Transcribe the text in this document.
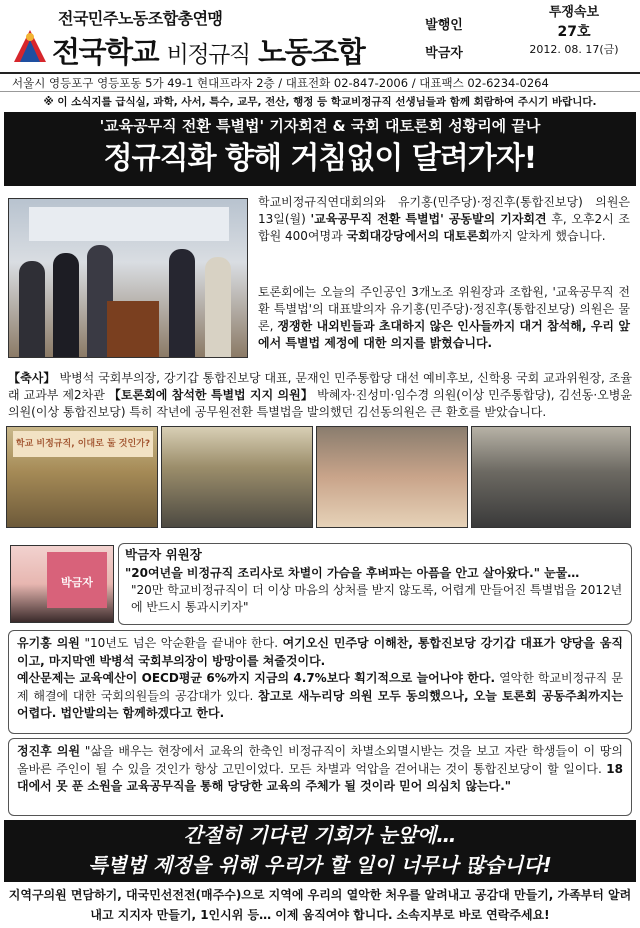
전국민주노동조합총연맹
전국학교 비정규직 노동조합
발행인
박금자
투쟁속보
27호
2012. 08. 17(금)
서울시 영등포구 영등포동 5가 49-1 현대프라자 2층 / 대표전화 02-847-2006 / 대표팩스 02-6234-0264
※ 이 소식지를 급식실, 과학, 사서, 특수, 교무, 전산, 행정 등 학교비정규직 선생님들과 함께 회람하여 주시기 바랍니다.
'교육공무직 전환 특별법' 기자회견 & 국회 대토론회 성황리에 끝나
정규직화 향해 거침없이 달려가자!
학교비정규직연대회의와 유기홍(민주당)·정진후(통합진보당) 의원은 13일(월) '교육공무직 전환 특별법' 공동발의 기자회견 후, 오후2시 조합원 400여명과 국회대강당에서의 대토론회까지 알차게 했습니다.
토론회에는 오늘의 주인공인 3개노조 위원장과 조합원, '교육공무직 전환 특별법'의 대표발의자 유기홍(민주당)·정진후(통합진보당) 의원은 물론, 쟁쟁한 내외빈들과 초대하지 않은 인사들까지 대거 참석해, 우리 앞에서 특별법 제정에 대한 의지를 밝혔습니다.
【축사】 박병석 국회부의장, 강기갑 통합진보당 대표, 문재인 민주통합당 대선 예비후보, 신학용 국회 교과위원장, 조율래 교과부 제2차관 【토론회에 참석한 특별법 지지 의원】 박혜자·진성미·임수경 의원(이상 민주통합당), 김선동·오병윤 의원(이상 통합진보당) 특히 작년에 공무원전환 특별법을 발의했던 김선동의원은 큰 환호를 받았습니다.
학교 비정규직, 이대로 둘 것인가?
박금자
박금자 위원장
"20여년을 비정규직 조리사로 차별이 가슴을 후벼파는 아픔을 안고 살아왔다." 눈물…
"20만 학교비정규직이 더 이상 마음의 상처를 받지 않도록, 어렵게 만들어진 특별법을 2012년에 반드시 통과시키자"
유기홍 의원 "10년도 넘은 악순환을 끝내야 한다. 여기오신 민주당 이해찬, 통합진보당 강기갑 대표가 양당을 움직이고, 마지막엔 박병석 국회부의장이 방망이를 쳐줄것이다.
예산문제는 교육예산이 OECD평균 6%까지 지금의 4.7%보다 획기적으로 늘어나야 한다. 열악한 학교비정규직 문제 해결에 대한 국회의원들의 공감대가 있다. 참고로 새누리당 의원 모두 동의했으나, 오늘 토론회 공동주최까지는 어렵다. 법안발의는 함께하겠다고 한다.
정진후 의원 "삶을 배우는 현장에서 교육의 한축인 비정규직이 차별소외멸시받는 것을 보고 자란 학생들이 이 땅의 올바른 주인이 될 수 있을 것인가 항상 고민이었다. 모든 차별과 억압을 걷어내는 것이 통합진보당이 할 일이다. 18대에서 못 푼 소원을 교육공무직을 통해 당당한 교육의 주체가 될 것이라 믿어 의심치 않는다."
간절히 기다린 기회가 눈앞에…
특별법 제정을 위해 우리가 할 일이 너무나 많습니다!
지역구의원 면담하기, 대국민선전전(매주수)으로 지역에 우리의 열악한 처우를 알려내고 공감대 만들기, 가족부터 알려내고 지지자 만들기, 1인시위 등… 이제 움직여야 합니다. 소속지부로 바로 연락주세요!
